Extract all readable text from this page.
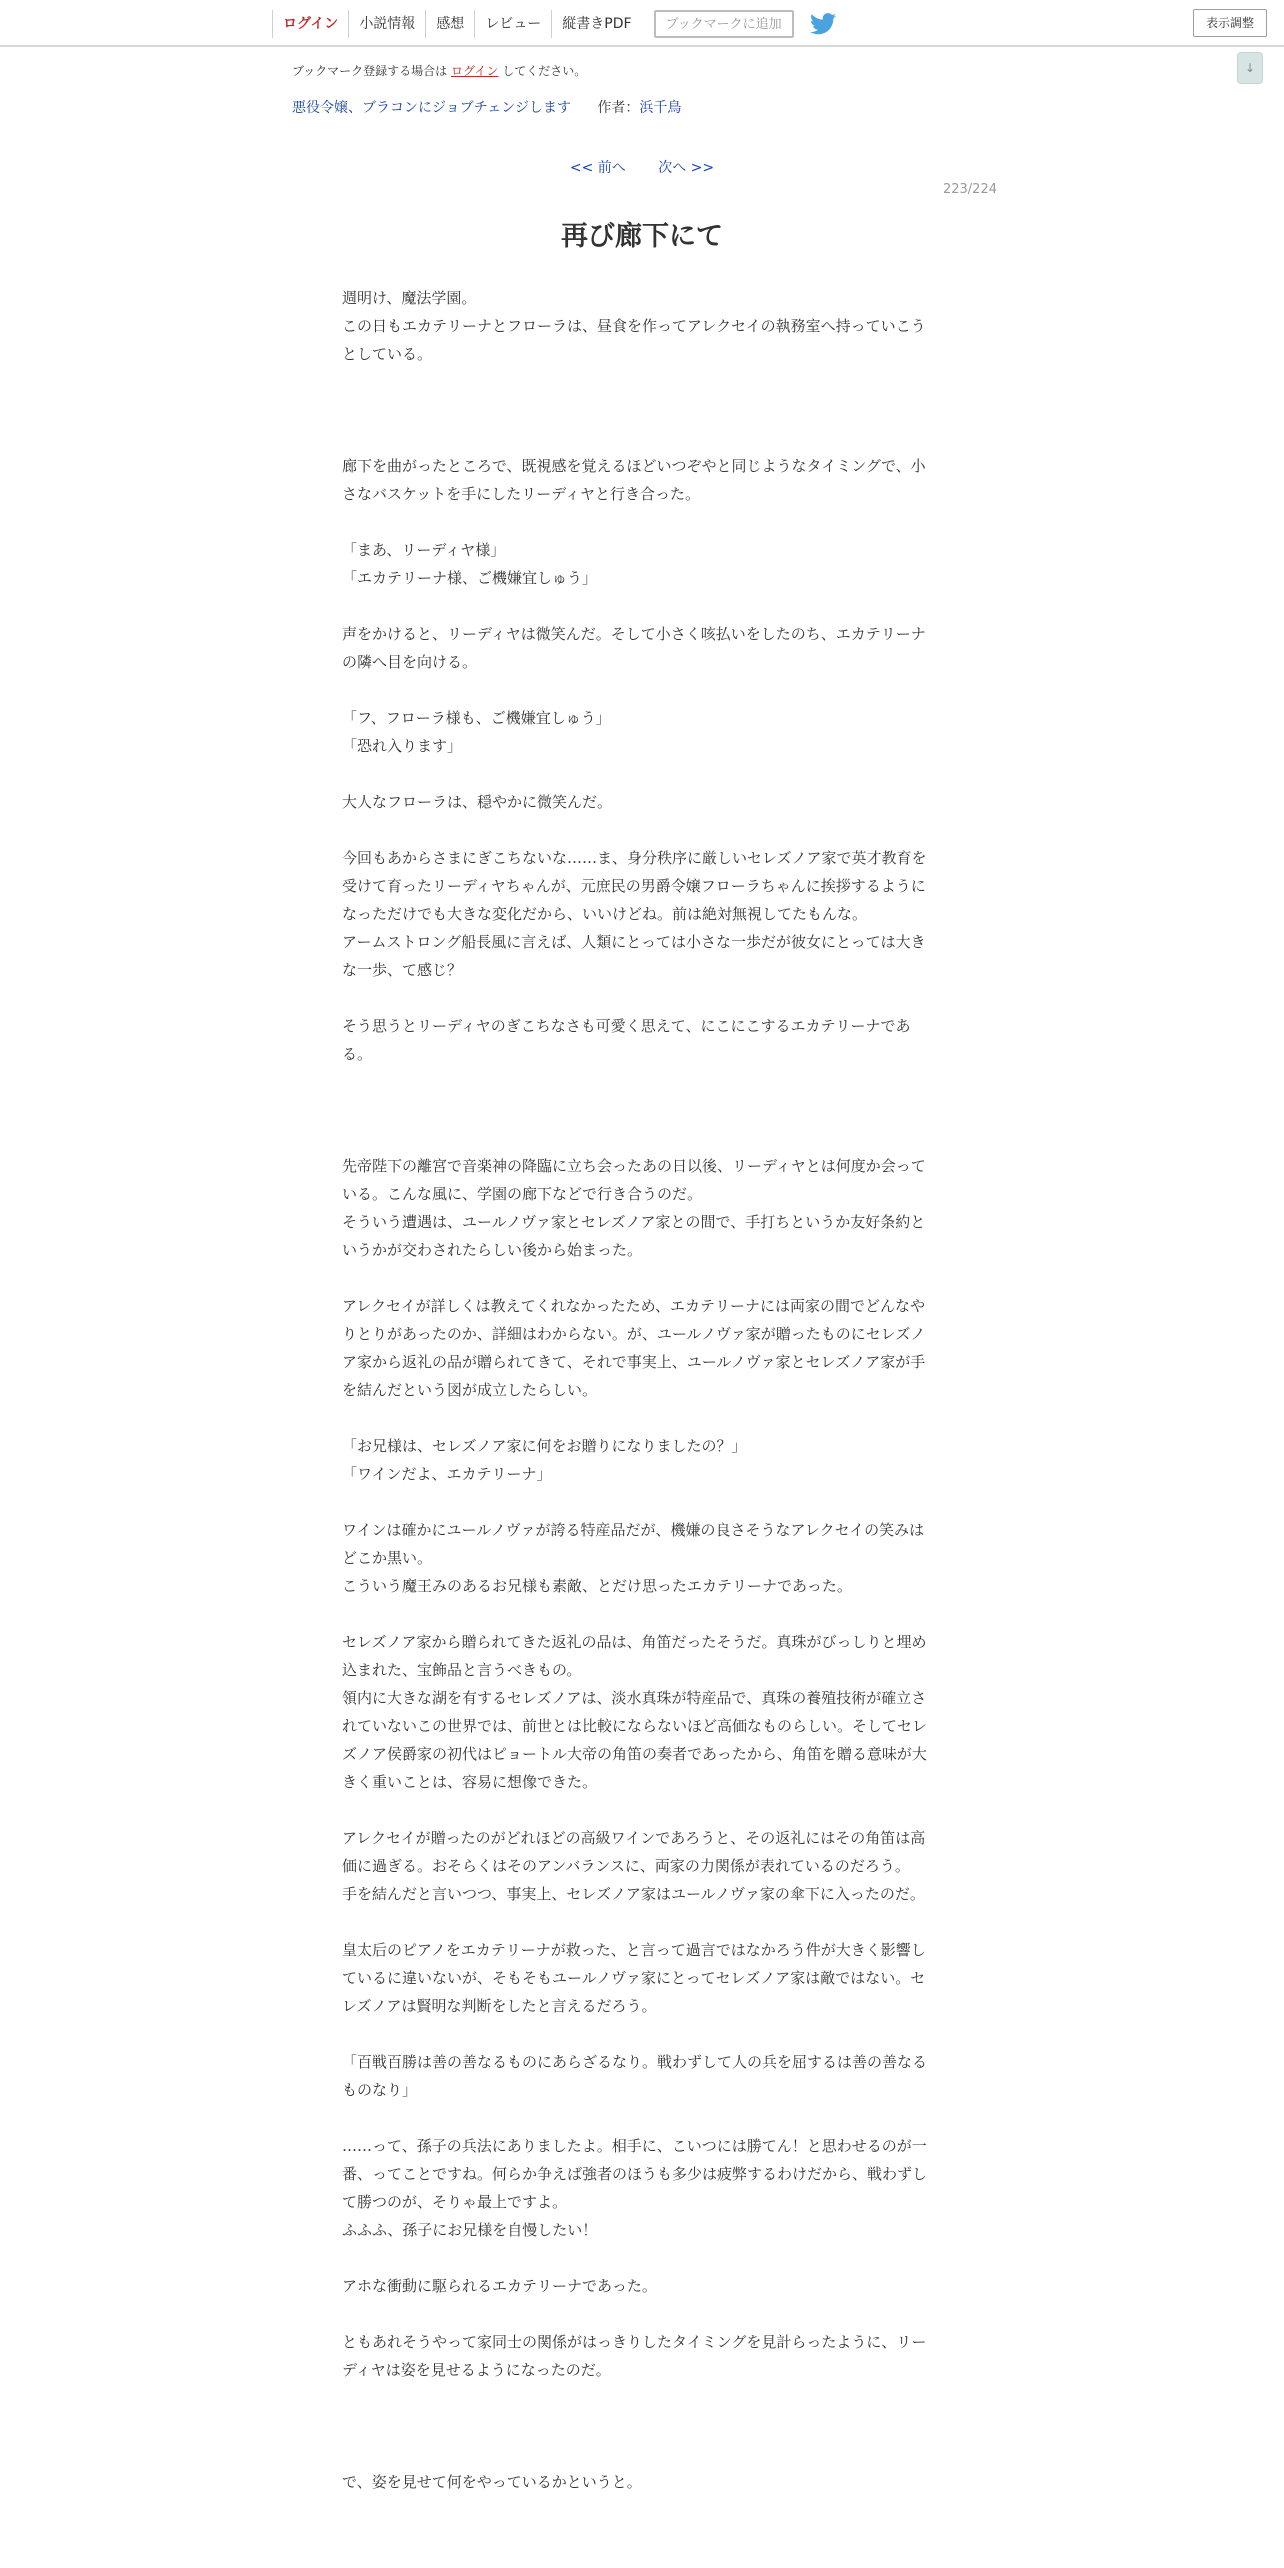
ログイン	小説情報	感想	レビュー	縦書きPDF	ブックマークに追加	表示調整
↓
ブックマーク登録する場合は ログイン してください。
悪役令嬢、ブラコンにジョブチェンジします 作者：浜千鳥
<< 前へ 次へ >>
223/224
再び廊下にて

週明け、魔法学園。

この日もエカテリーナとフローラは、昼食を作ってアレクセイの執務室へ持っていこうとしている。

廊下を曲がったところで、既視感を覚えるほどいつぞやと同じようなタイミングで、小さなバスケットを手にしたリーディヤと行き合った。

「まあ、リーディヤ様」

「エカテリーナ様、ご機嫌宜しゅう」

声をかけると、リーディヤは微笑んだ。そして小さく咳払いをしたのち、エカテリーナの隣へ目を向ける。

「フ、フローラ様も、ご機嫌宜しゅう」

「恐れ入ります」

大人なフローラは、穏やかに微笑んだ。

今回もあからさまにぎこちないな……ま、身分秩序に厳しいセレズノア家で英才教育を受けて育ったリーディヤちゃんが、元庶民の男爵令嬢フローラちゃんに挨拶するようになっただけでも大きな変化だから、いいけどね。前は絶対無視してたもんな。

アームストロング船長風に言えば、人類にとっては小さな一歩だが彼女にとっては大きな一歩、て感じ？

そう思うとリーディヤのぎこちなさも可愛く思えて、にこにこするエカテリーナである。

先帝陛下の離宮で音楽神の降臨に立ち会ったあの日以後、リーディヤとは何度か会っている。こんな風に、学園の廊下などで行き合うのだ。

そういう遭遇は、ユールノヴァ家とセレズノア家との間で、手打ちというか友好条約というかが交わされたらしい後から始まった。

アレクセイが詳しくは教えてくれなかったため、エカテリーナには両家の間でどんなやりとりがあったのか、詳細はわからない。が、ユールノヴァ家が贈ったものにセレズノア家から返礼の品が贈られてきて、それで事実上、ユールノヴァ家とセレズノア家が手を結んだという図が成立したらしい。

「お兄様は、セレズノア家に何をお贈りになりましたの？」

「ワインだよ、エカテリーナ」

ワインは確かにユールノヴァが誇る特産品だが、機嫌の良さそうなアレクセイの笑みはどこか黒い。

こういう魔王みのあるお兄様も素敵、とだけ思ったエカテリーナであった。

セレズノア家から贈られてきた返礼の品は、角笛だったそうだ。真珠がびっしりと埋め込まれた、宝飾品と言うべきもの。

領内に大きな湖を有するセレズノアは、淡水真珠が特産品で、真珠の養殖技術が確立されていないこの世界では、前世とは比較にならないほど高価なものらしい。そしてセレズノア侯爵家の初代はピョートル大帝の角笛の奏者であったから、角笛を贈る意味が大きく重いことは、容易に想像できた。

アレクセイが贈ったのがどれほどの高級ワインであろうと、その返礼にはその角笛は高価に過ぎる。おそらくはそのアンバランスに、両家の力関係が表れているのだろう。

手を結んだと言いつつ、事実上、セレズノア家はユールノヴァ家の傘下に入ったのだ。

皇太后のピアノをエカテリーナが救った、と言って過言ではなかろう件が大きく影響しているに違いないが、そもそもユールノヴァ家にとってセレズノア家は敵ではない。セレズノアは賢明な判断をしたと言えるだろう。

「百戦百勝は善の善なるものにあらざるなり。戦わずして人の兵を屈するは善の善なるものなり」

……って、孫子の兵法にありましたよ。相手に、こいつには勝てん！と思わせるのが一番、ってことですね。何らか争えば強者のほうも多少は疲弊するわけだから、戦わずして勝つのが、そりゃ最上ですよ。

ふふふ、孫子にお兄様を自慢したい！

アホな衝動に駆られるエカテリーナであった。

ともあれそうやって家同士の関係がはっきりしたタイミングを見計らったように、リーディヤは姿を見せるようになったのだ。

で、姿を見せて何をやっているかというと。
